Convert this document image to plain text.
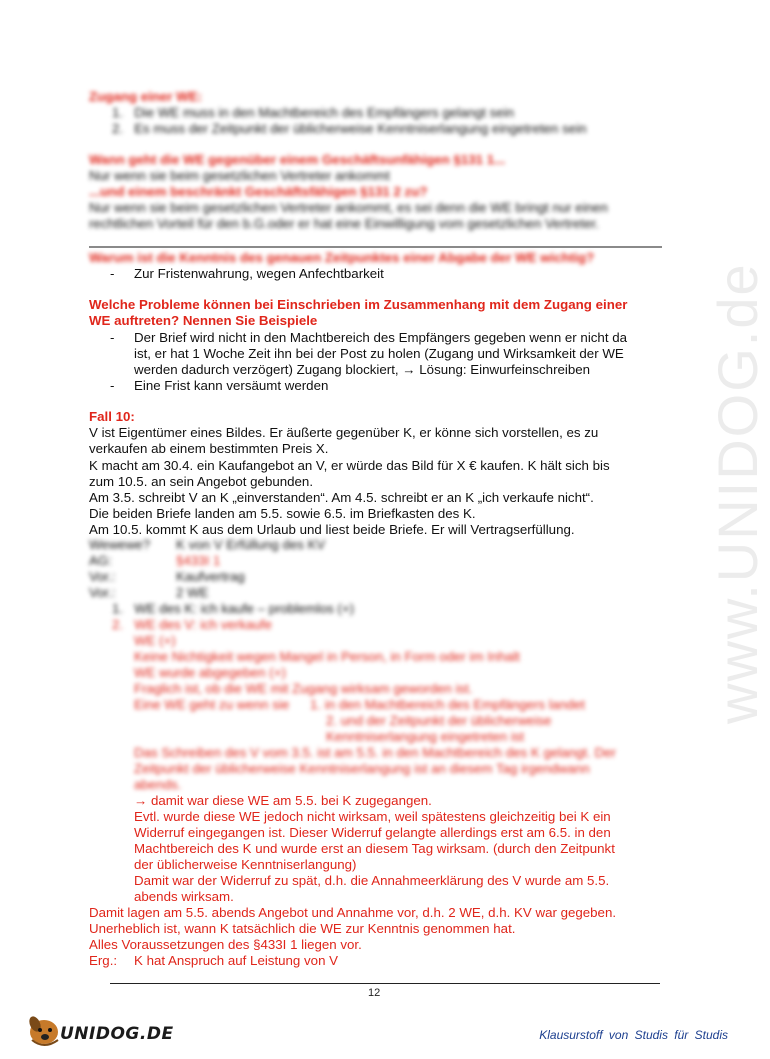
www.UNIDOG.de
Zugang einer WE:
1.   Die WE muss in den Machtbereich des Empfängers gelangt sein
2.   Es muss der Zeitpunkt der üblicherweise Kenntniserlangung eingetreten sein
Wann geht die WE gegenüber einem Geschäftsunfähigen §131 1...
Nur wenn sie beim gesetzlichen Vertreter ankommt
...und einem beschränkt Geschäftsfähigen §131 2 zu?
Nur wenn sie beim gesetzlichen Vertreter ankommt, es sei denn die WE bringt nur einen
rechtlichen Vorteil für den b.G.oder er hat eine Einwilligung vom gesetzlichen Vertreter.
Warum ist die Kenntnis des genauen Zeitpunktes einer Abgabe der WE wichtig?
-	Zur Fristenwahrung, wegen Anfechtbarkeit
Welche Probleme können bei Einschrieben im Zusammenhang mit dem Zugang einer
WE auftreten? Nennen Sie Beispiele
-	Der Brief wird nicht in den Machtbereich des Empfängers gegeben wenn er nicht da
ist, er hat 1 Woche Zeit ihn bei der Post zu holen (Zugang und Wirksamkeit der WE
werden dadurch verzögert) Zugang blockiert, → Lösung: Einwurfeinschreiben
-	Eine Frist kann versäumt werden
Fall 10:
V ist Eigentümer eines Bildes. Er äußerte gegenüber K, er könne sich vorstellen, es zu
verkaufen ab einem bestimmten Preis X.
K macht am 30.4. ein Kaufangebot an V, er würde das Bild für X € kaufen. K hält sich bis
zum 10.5. an sein Angebot gebunden.
Am 3.5. schreibt V an K „einverstanden“. Am 4.5. schreibt er an K „ich verkaufe nicht“.
Die beiden Briefe landen am 5.5. sowie 6.5. im Briefkasten des K.
Am 10.5. kommt K aus dem Urlaub und liest beide Briefe. Er will Vertragserfüllung.
Wewewe? K von V Erfüllung des KV
AG:	§433I 1
Vor.:	Kaufvertrag
Vor.:	2 WE
1.   WE des K: ich kaufe – problemlos (+)
2.   WE des V: ich verkaufe
WE (+)
Keine Nichtigkeit wegen Mangel in Person, in Form oder im Inhalt
WE wurde abgegeben (+)
Fraglich ist, ob die WE mit Zugang wirksam geworden ist.
Eine WE geht zu wenn sie 1. in den Machtbereich des Empfängers landet
2. und der Zeitpunkt der üblicherweise
Kenntniserlangung eingetreten ist
Das Schreiben des V vom 3.5. ist am 5.5. in den Machtbereich des K gelangt. Der
Zeitpunkt der üblicherweise Kenntniserlangung ist an diesem Tag irgendwann
abends.
→ damit war diese WE am 5.5. bei K zugegangen.
Evtl. wurde diese WE jedoch nicht wirksam, weil spätestens gleichzeitig bei K ein
Widerruf eingegangen ist. Dieser Widerruf gelangte allerdings erst am 6.5. in den
Machtbereich des K und wurde erst an diesem Tag wirksam. (durch den Zeitpunkt
der üblicherweise Kenntniserlangung)
Damit war der Widerruf zu spät, d.h. die Annahmeerklärung des V wurde am 5.5.
abends wirksam.
Damit lagen am 5.5. abends Angebot und Annahme vor, d.h. 2 WE, d.h. KV war gegeben.
Unerheblich ist, wann K tatsächlich die WE zur Kenntnis genommen hat.
Alles Voraussetzungen des §433I 1 liegen vor.
Erg.: K hat Anspruch auf Leistung von V
12
UNIDOG.DE	Klausurstoff von Studis für Studis
